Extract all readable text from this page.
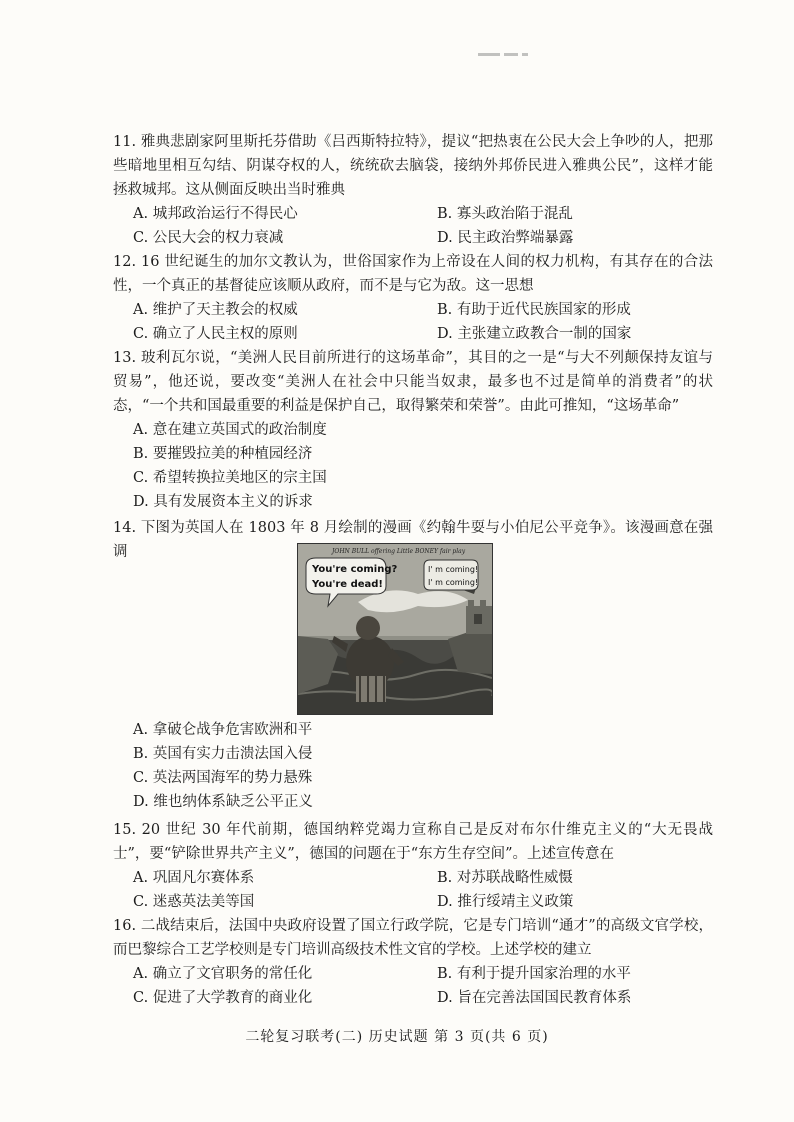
11. 雅典悲剧家阿里斯托芬借助《吕西斯特拉特》，提议“把热衷在公民大会上争吵的人，把那些暗地里相互勾结、阴谋夺权的人，统统砍去脑袋，接纳外邦侨民进入雅典公民”，这样才能拯救城邦。这从侧面反映出当时雅典

A. 城邦政治运行不得民心	B. 寡头政治陷于混乱
C. 公民大会的权力衰减	D. 民主政治弊端暴露

12. 16 世纪诞生的加尔文教认为，世俗国家作为上帝设在人间的权力机构，有其存在的合法性，一个真正的基督徒应该顺从政府，而不是与它为敌。这一思想

A. 维护了天主教会的权威	B. 有助于近代民族国家的形成
C. 确立了人民主权的原则	D. 主张建立政教合一制的国家

13. 玻利瓦尔说，“美洲人民目前所进行的这场革命”，其目的之一是“与大不列颠保持友谊与贸易”，他还说，要改变“美洲人在社会中只能当奴隶，最多也不过是简单的消费者”的状态，“一个共和国最重要的利益是保护自己，取得繁荣和荣誉”。由此可推知，“这场革命”

A. 意在建立英国式的政治制度
B. 要摧毁拉美的种植园经济
C. 希望转换拉美地区的宗主国
D. 具有发展资本主义的诉求

14. 下图为英国人在 1803 年 8 月绘制的漫画《约翰牛耍与小伯尼公平竞争》。该漫画意在强调

You're coming?
You're dead!
I' m coming!
I' m coming!
JOHN BULL offering Little BONEY fair play
A. 拿破仑战争危害欧洲和平
B. 英国有实力击溃法国入侵
C. 英法两国海军的势力悬殊
D. 维也纳体系缺乏公平正义

15. 20 世纪 30 年代前期，德国纳粹党竭力宣称自己是反对布尔什维克主义的“大无畏战士”，要“铲除世界共产主义”，德国的问题在于“东方生存空间”。上述宣传意在

A. 巩固凡尔赛体系	B. 对苏联战略性威慑
C. 迷惑英法美等国	D. 推行绥靖主义政策

16. 二战结束后，法国中央政府设置了国立行政学院，它是专门培训“通才”的高级文官学校，而巴黎综合工艺学校则是专门培训高级技术性文官的学校。上述学校的建立

A. 确立了文官职务的常任化	B. 有利于提升国家治理的水平
C. 促进了大学教育的商业化	D. 旨在完善法国国民教育体系
二轮复习联考(二) 历史试题 第 3 页(共 6 页)
